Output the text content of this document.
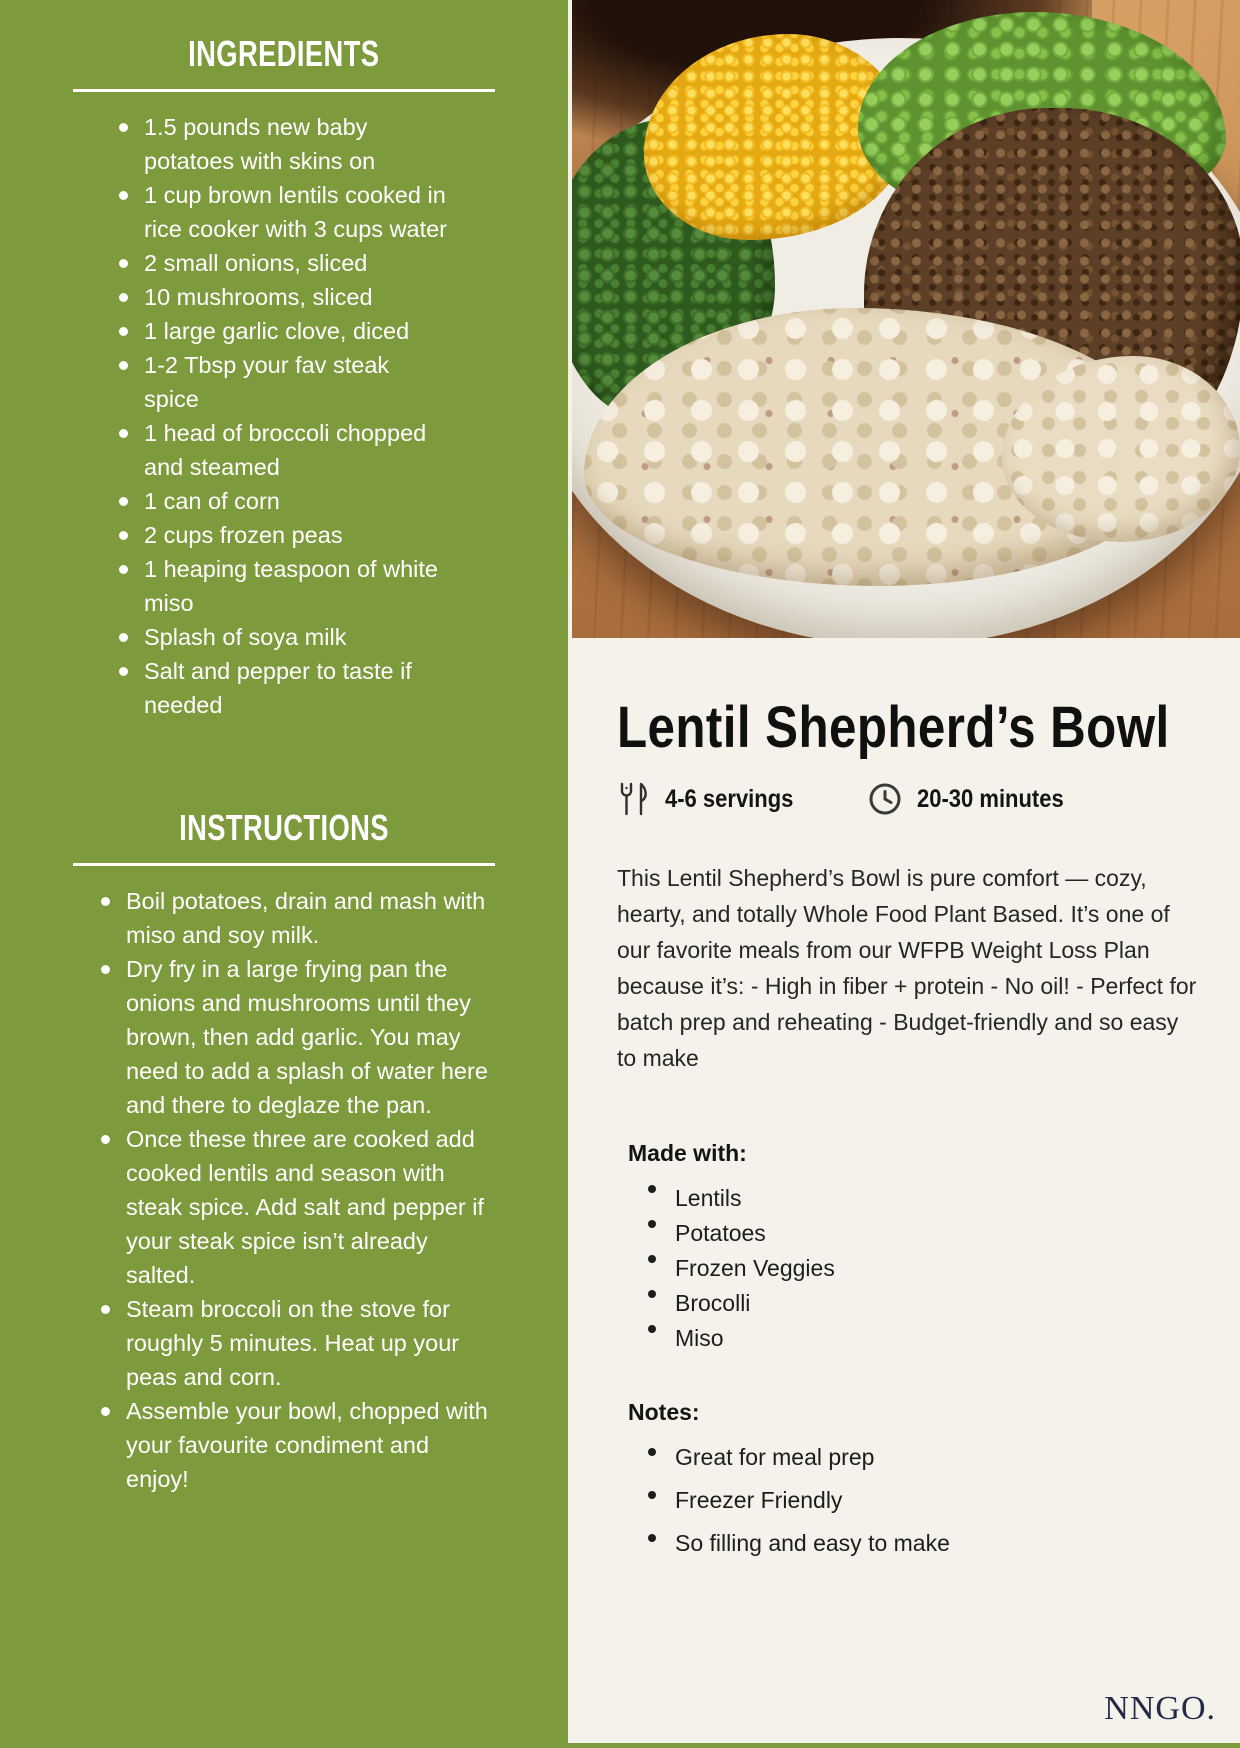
INGREDIENTS
1.5 pounds new baby potatoes with skins on
1 cup brown lentils cooked in rice cooker with 3 cups water
2 small onions, sliced
10 mushrooms, sliced
1 large garlic clove, diced
1-2 Tbsp your fav steak spice
1 head of broccoli chopped and steamed
1 can of corn
2 cups frozen peas
1 heaping teaspoon of white miso
Splash of soya milk
Salt and pepper to taste if needed
INSTRUCTIONS
Boil potatoes, drain and mash with miso and soy milk.
Dry fry in a large frying pan the onions and mushrooms until they brown, then add garlic. You may need to add a splash of water here and there to deglaze the pan.
Once these three are cooked add cooked lentils and season with steak spice. Add salt and pepper if your steak spice isn’t already salted.
Steam broccoli on the stove for roughly 5 minutes. Heat up your peas and corn.
Assemble your bowl, chopped with your favourite condiment and enjoy!
Lentil Shepherd’s Bowl
4-6 servings	20-30 minutes

This Lentil Shepherd’s Bowl is pure comfort — cozy, hearty, and totally Whole Food Plant Based. It’s one of our favorite meals from our WFPB Weight Loss Plan because it’s: - High in fiber + protein - No oil! - Perfect for batch prep and reheating - Budget-friendly and so easy to make

Made with:
Lentils
Potatoes
Frozen Veggies
Brocolli
Miso
Notes:
Great for meal prep
Freezer Friendly
So filling and easy to make
NNGO.
